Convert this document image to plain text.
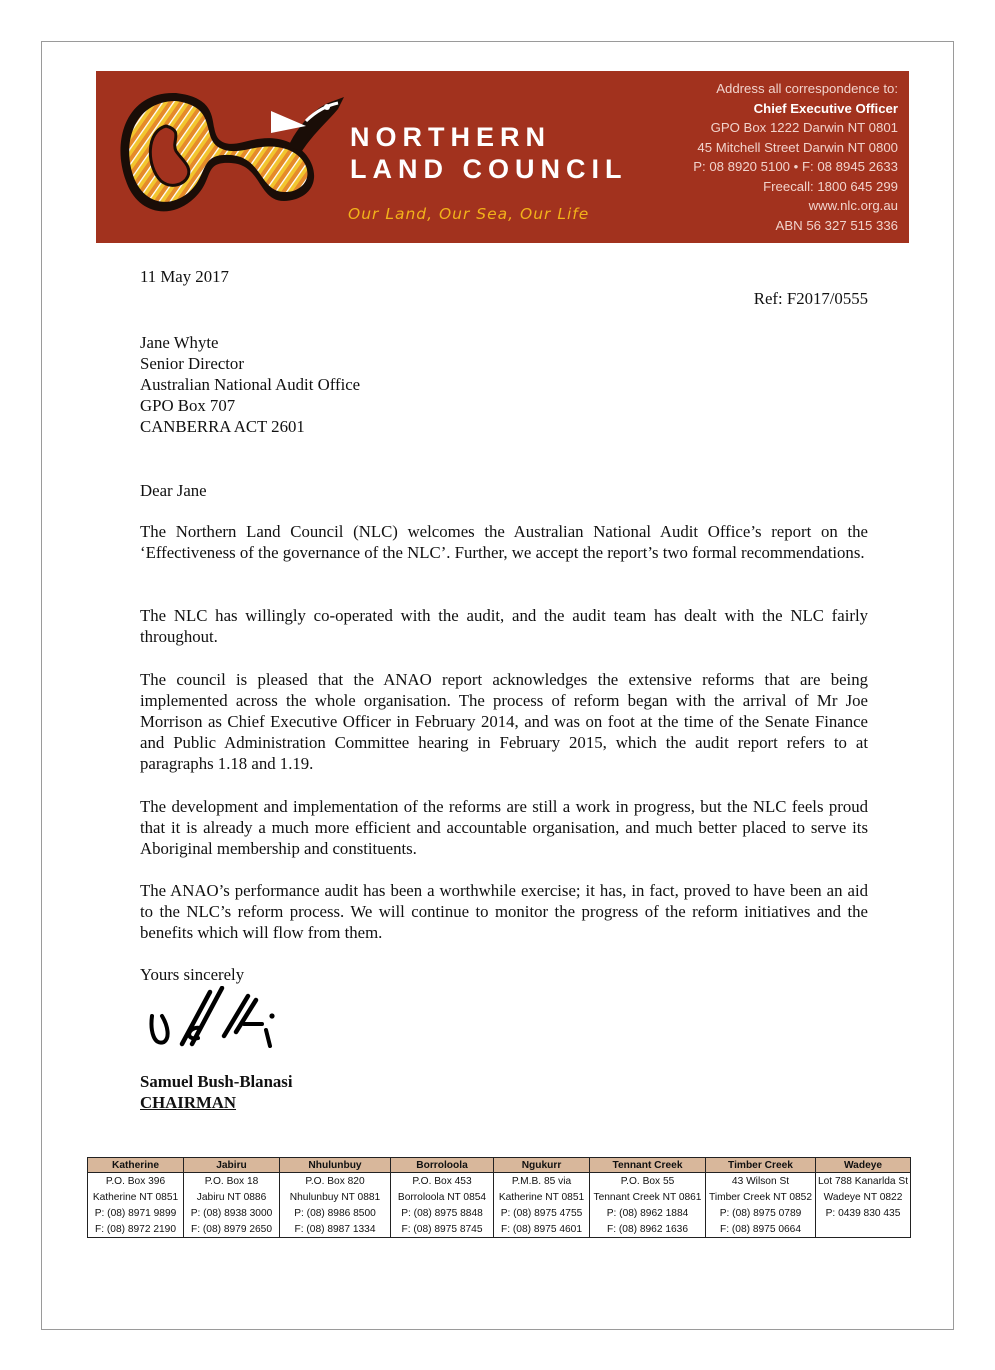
NORTHERN
LAND COUNCIL
Our Land, Our Sea, Our Life
Address all correspondence to:
Chief Executive Officer
GPO Box 1222 Darwin NT 0801
45 Mitchell Street Darwin NT 0800
P: 08 8920 5100 • F: 08 8945 2633
Freecall: 1800 645 299
www.nlc.org.au
ABN 56 327 515 336
11 May 2017
Ref: F2017/0555
Jane Whyte
Senior Director
Australian National Audit Office
GPO Box 707
CANBERRA ACT 2601
Dear Jane
The Northern Land Council (NLC) welcomes the Australian National Audit Office’s report on the ‘Effectiveness of the governance of the NLC’. Further, we accept the report’s two formal recommendations.
The NLC has willingly co-operated with the audit, and the audit team has dealt with the NLC fairly throughout.
The council is pleased that the ANAO report acknowledges the extensive reforms that are being implemented across the whole organisation. The process of reform began with the arrival of Mr Joe Morrison as Chief Executive Officer in February 2014, and was on foot at the time of the Senate Finance and Public Administration Committee hearing in February 2015, which the audit report refers to at paragraphs 1.18 and 1.19.
The development and implementation of the reforms are still a work in progress, but the NLC feels proud that it is already a much more efficient and accountable organisation, and much better placed to serve its Aboriginal membership and constituents.
The ANAO’s performance audit has been a worthwhile exercise; it has, in fact, proved to have been an aid to the NLC’s reform process. We will continue to monitor the progress of the reform initiatives and the benefits which will flow from them.
Yours sincerely
Samuel Bush-Blanasi
CHAIRMAN
Katherine	Jabiru	Nhulunbuy	Borroloola	Ngukurr	Tennant Creek	Timber Creek	Wadeye
P.O. Box 396	P.O. Box 18	P.O. Box 820	P.O. Box 453	P.M.B. 85 via	P.O. Box 55	43 Wilson St	Lot 788 Kanarlda St
Katherine NT 0851	Jabiru NT 0886	Nhulunbuy NT 0881	Borroloola NT 0854	Katherine NT 0851	Tennant Creek NT 0861	Timber Creek NT 0852	Wadeye NT 0822
P: (08) 8971 9899	P: (08) 8938 3000	P: (08) 8986 8500	P: (08) 8975 8848	P: (08) 8975 4755	P: (08) 8962 1884	P: (08) 8975 0789	P: 0439 830 435
F: (08) 8972 2190	F: (08) 8979 2650	F: (08) 8987 1334	F: (08) 8975 8745	F: (08) 8975 4601	F: (08) 8962 1636	F: (08) 8975 0664	
